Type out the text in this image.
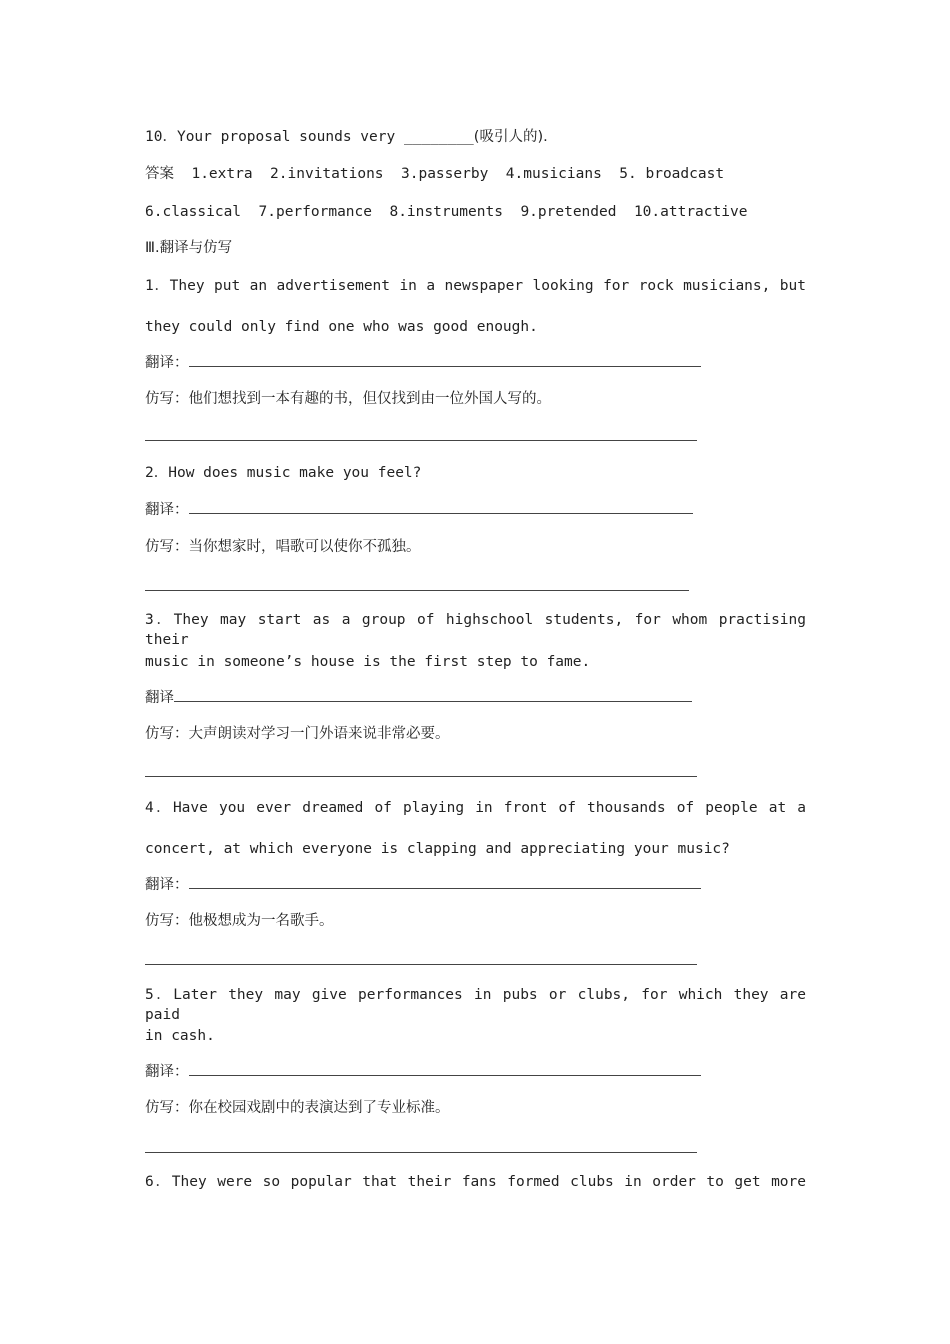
10．Your proposal sounds very ________(吸引人的).
答案 1.extra 2.invitations 3.passerby 4.musicians 5. broadcast
6.classical 7.performance 8.instruments 9.pretended 10.attractive
Ⅲ.翻译与仿写
1．They put an advertisement in a newspaper looking for rock musicians, but
they could only find one who was good enough.
翻译：
仿写：他们想找到一本有趣的书，但仅找到由一位外国人写的。
2．How does music make you feel?
翻译：
仿写：当你想家时，唱歌可以使你不孤独。
3．They may start as a group of highschool students, for whom practising their
music in someone’s house is the first step to fame.
翻译
仿写：大声朗读对学习一门外语来说非常必要。
4．Have you ever dreamed of playing in front of thousands of people at a
concert, at which everyone is clapping and appreciating your music?
翻译：
仿写：他极想成为一名歌手。
5．Later they may give performances in pubs or clubs, for which they are paid
in cash.
翻译：
仿写：你在校园戏剧中的表演达到了专业标准。
6．They were so popular that their fans formed clubs in order to get more
